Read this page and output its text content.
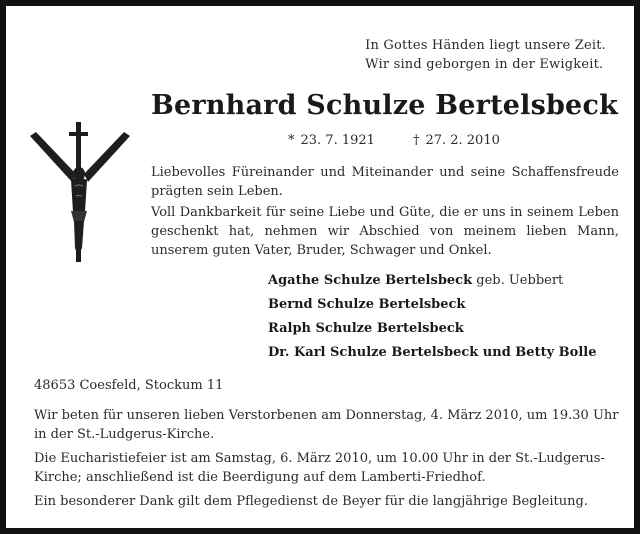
In Gottes Händen liegt unsere Zeit.
Wir sind geborgen in der Ewigkeit.
Bernhard Schulze Bertelsbeck
* 23. 7. 1921	† 27. 2. 2010
Liebevolles Füreinander und Miteinander und seine Schaffensfreude prägten sein Leben.
Voll Dankbarkeit für seine Liebe und Güte, die er uns in seinem Leben geschenkt hat, nehmen wir Abschied von meinem lieben Mann, unserem guten Vater, Bruder, Schwager und Onkel.
Agathe Schulze Bertelsbeck geb. Uebbert
Bernd Schulze Bertelsbeck
Ralph Schulze Bertelsbeck
Dr. Karl Schulze Bertelsbeck und Betty Bolle
48653 Coesfeld, Stockum 11
Wir beten für unseren lieben Verstorbenen am Donnerstag, 4. März 2010, um 19.30 Uhr in der St.-Ludgerus-Kirche.
Die Eucharistiefeier ist am Samstag, 6. März 2010, um 10.00 Uhr in der St.-Ludgerus-Kirche; anschließend ist die Beerdigung auf dem Lamberti-Friedhof.
Ein besonderer Dank gilt dem Pflegedienst de Beyer für die langjährige Begleitung.
